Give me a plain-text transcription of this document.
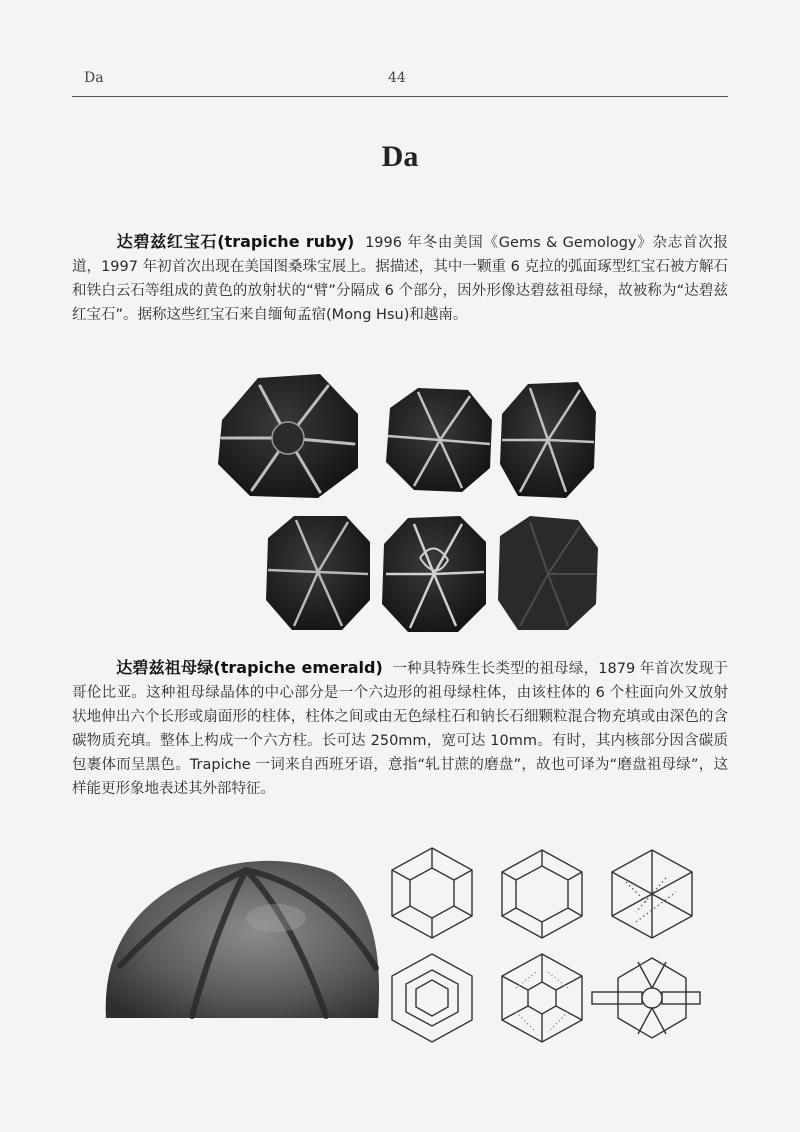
Da	44
Da
达碧兹红宝石(trapiche ruby) 1996 年冬由美国《Gems & Gemology》杂志首次报道，1997 年初首次出现在美国图桑珠宝展上。据描述，其中一颗重 6 克拉的弧面琢型红宝石被方解石和铁白云石等组成的黄色的放射状的“臂”分隔成 6 个部分，因外形像达碧兹祖母绿，故被称为“达碧兹红宝石”。据称这些红宝石来自缅甸孟宿(Mong Hsu)和越南。
达碧兹祖母绿(trapiche emerald) 一种具特殊生长类型的祖母绿，1879 年首次发现于哥伦比亚。这种祖母绿晶体的中心部分是一个六边形的祖母绿柱体，由该柱体的 6 个柱面向外又放射状地伸出六个长形或扇面形的柱体，柱体之间或由无色绿柱石和钠长石细颗粒混合物充填或由深色的含碳物质充填。整体上构成一个六方柱。长可达 250mm，宽可达 10mm。有时，其内核部分因含碳质包裹体而呈黑色。Trapiche 一词来自西班牙语，意指“轧甘蔗的磨盘”，故也可译为“磨盘祖母绿”，这样能更形象地表述其外部特征。
